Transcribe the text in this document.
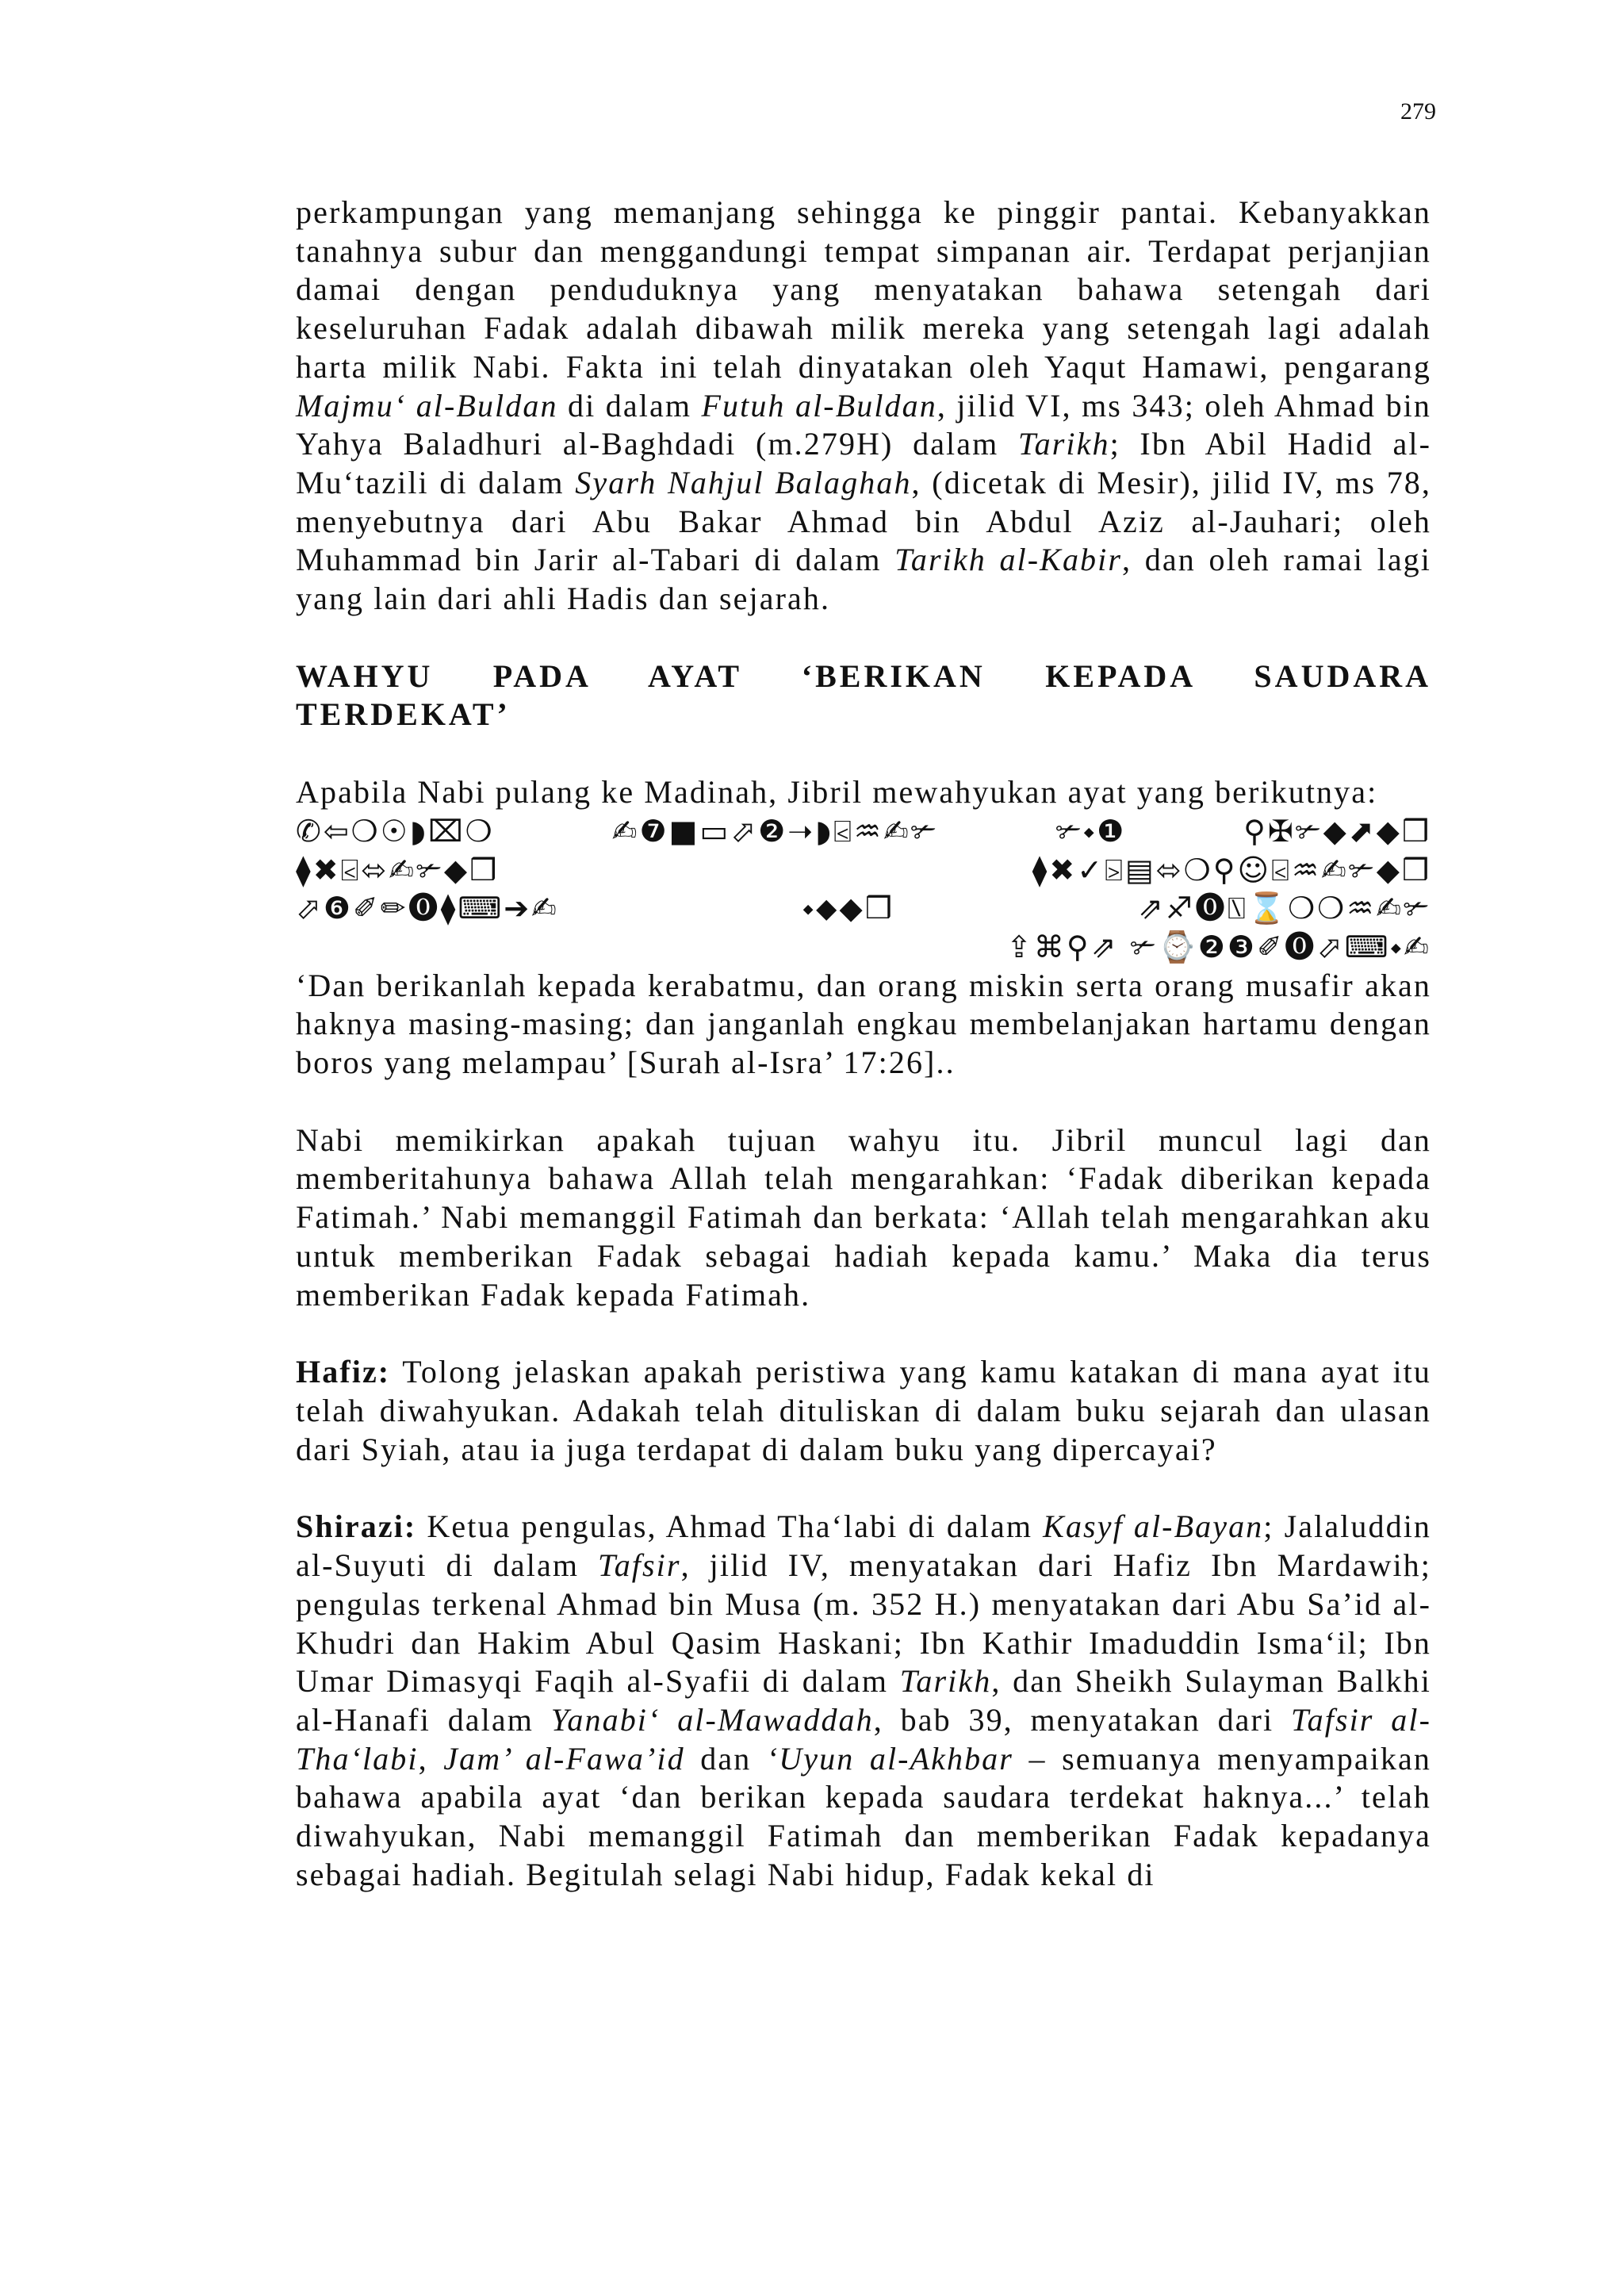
279

perkampungan yang memanjang sehingga ke pinggir pantai. Kebanyakkan tanahnya subur dan menggandungi tempat simpanan air. Terdapat perjanjian damai dengan penduduknya yang menyatakan bahawa setengah dari keseluruhan Fadak adalah dibawah milik mereka yang setengah lagi adalah harta milik Nabi. Fakta ini telah dinyatakan oleh Yaqut Hamawi, pengarang Majmu‘ al-Buldan di dalam Futuh al-Buldan, jilid VI, ms 343; oleh Ahmad bin Yahya Baladhuri al-Baghdadi (m.279H) dalam Tarikh; Ibn Abil Hadid al-Mu‘tazili di dalam Syarh Nahjul Balaghah, (dicetak di Mesir), jilid IV, ms 78, menyebutnya dari Abu Bakar Ahmad bin Abdul Aziz al-Jauhari; oleh Muhammad bin Jarir al-Tabari di dalam Tarikh al-Kabir, dan oleh ramai lagi yang lain dari ahli Hadis dan sejarah.

WAHYU PADA AYAT ‘BERIKAN KEPADA SAUDARA
TERDEKAT’

Apabila Nabi pulang ke Madinah, Jibril mewahyukan ayat yang berikutnya:

✆⇦❍☉◗⌧❍	✍❼■▭⬀❷➝◗⍃♒✍✃	✃⬩❶	⚲✠✃◆⬈◆❒
⧫✖⍃⬄✍✃◆❒	⧫✖✓⍄▤⬄❍⚲☺⍃♒✍✃◆❒
⬀❻✐✏⓿⧫⌨➔✍	⬩⬥◆❒	⇗♐⓿⍂⌛❍❍♒✍✃
⇪⌘⚲⇗ ✃⌚❷❸✐⓿⬀⌨⬩✍

‘Dan berikanlah kepada kerabatmu, dan orang miskin serta orang musafir akan haknya masing-masing; dan janganlah engkau membelanjakan hartamu dengan boros yang melampau’ [Surah al-Isra’ 17:26]..

Nabi memikirkan apakah tujuan wahyu itu. Jibril muncul lagi dan memberitahunya bahawa Allah telah mengarahkan: ‘Fadak diberikan kepada Fatimah.’ Nabi memanggil Fatimah dan berkata: ‘Allah telah mengarahkan aku untuk memberikan Fadak sebagai hadiah kepada kamu.’ Maka dia terus memberikan Fadak kepada Fatimah.

Hafiz: Tolong jelaskan apakah peristiwa yang kamu katakan di mana ayat itu telah diwahyukan. Adakah telah dituliskan di dalam buku sejarah dan ulasan dari Syiah, atau ia juga terdapat di dalam buku yang dipercayai?

Shirazi: Ketua pengulas, Ahmad Tha‘labi di dalam Kasyf al-Bayan; Jalaluddin al-Suyuti di dalam Tafsir, jilid IV, menyatakan dari Hafiz Ibn Mardawih; pengulas terkenal Ahmad bin Musa (m. 352 H.) menyatakan dari Abu Sa’id al-Khudri dan Hakim Abul Qasim Haskani; Ibn Kathir Imaduddin Isma‘il; Ibn Umar Dimasyqi Faqih al-Syafii di dalam Tarikh, dan Sheikh Sulayman Balkhi al-Hanafi dalam Yanabi‘ al-Mawaddah, bab 39, menyatakan dari Tafsir al-Tha‘labi, Jam’ al-Fawa’id dan ‘Uyun al-Akhbar – semuanya menyampaikan bahawa apabila ayat ‘dan berikan kepada saudara terdekat haknya...’ telah diwahyukan, Nabi memanggil Fatimah dan memberikan Fadak kepadanya sebagai hadiah. Begitulah selagi Nabi hidup, Fadak kekal di
